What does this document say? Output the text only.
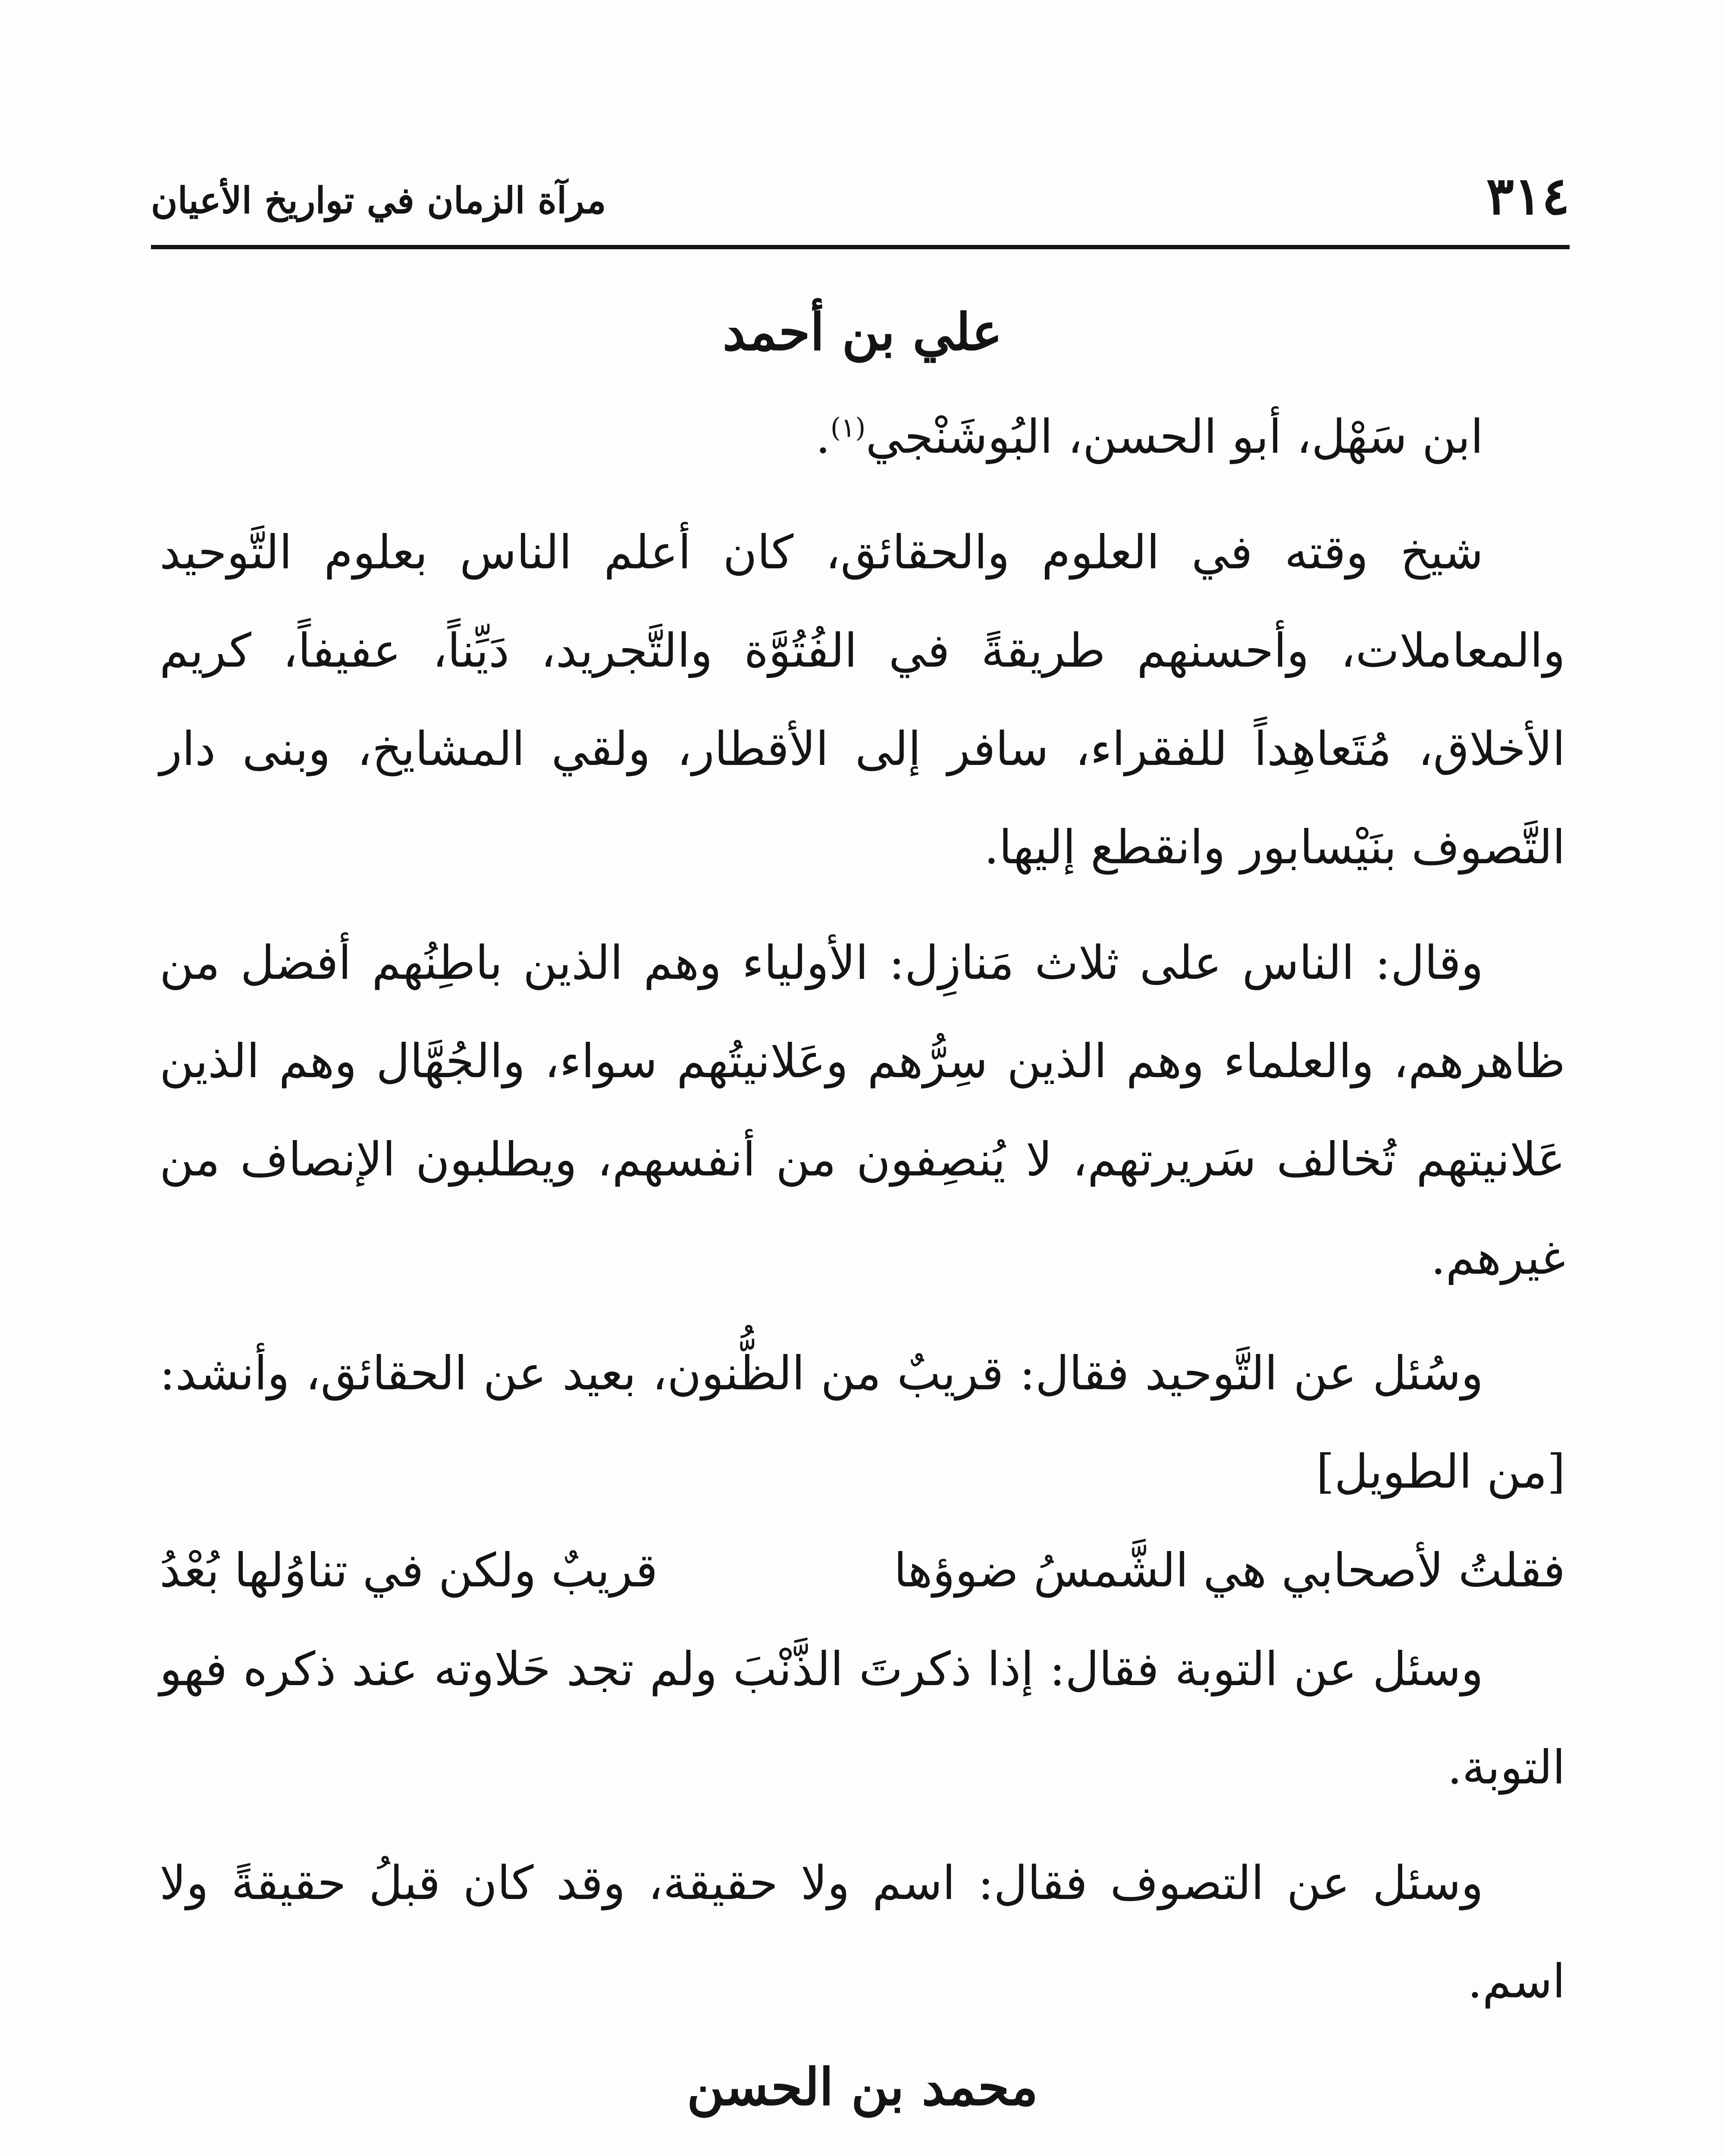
٣١٤
مرآة الزمان في تواريخ الأعيان
علي بن أحمد

ابن سَهْل، أبو الحسن، البُوشَنْجي$^{(١)}$.

شيخ وقته في العلوم والحقائق، كان أعلم الناس بعلوم التَّوحيد والمعاملات، وأحسنهم طريقةً في الفُتُوَّة والتَّجريد، دَيِّناً، عفيفاً، كريم الأخلاق، مُتَعاهِداً للفقراء، سافر إلى الأقطار، ولقي المشايخ، وبنى دار التَّصوف بنَيْسابور وانقطع إليها.

وقال: الناس على ثلاث مَنازِل: الأولياء وهم الذين باطِنُهم أفضل من ظاهرهم، والعلماء وهم الذين سِرُّهم وعَلانيتُهم سواء، والجُهَّال وهم الذين عَلانيتهم تُخالف سَريرتهم، لا يُنصِفون من أنفسهم، ويطلبون الإنصاف من غيرهم.

وسُئل عن التَّوحيد فقال: قريبٌ من الظُّنون، بعيد عن الحقائق، وأنشد: [من الطويل]

فقلتُ لأصحابي هي الشَّمسُ ضوؤها
قريبٌ ولكن في تناوُلها بُعْدُ

وسئل عن التوبة فقال: إذا ذكرتَ الذَّنْبَ ولم تجد حَلاوته عند ذكره فهو التوبة.

وسئل عن التصوف فقال: اسم ولا حقيقة، وقد كان قبلُ حقيقةً ولا اسم.

محمد بن الحسن
